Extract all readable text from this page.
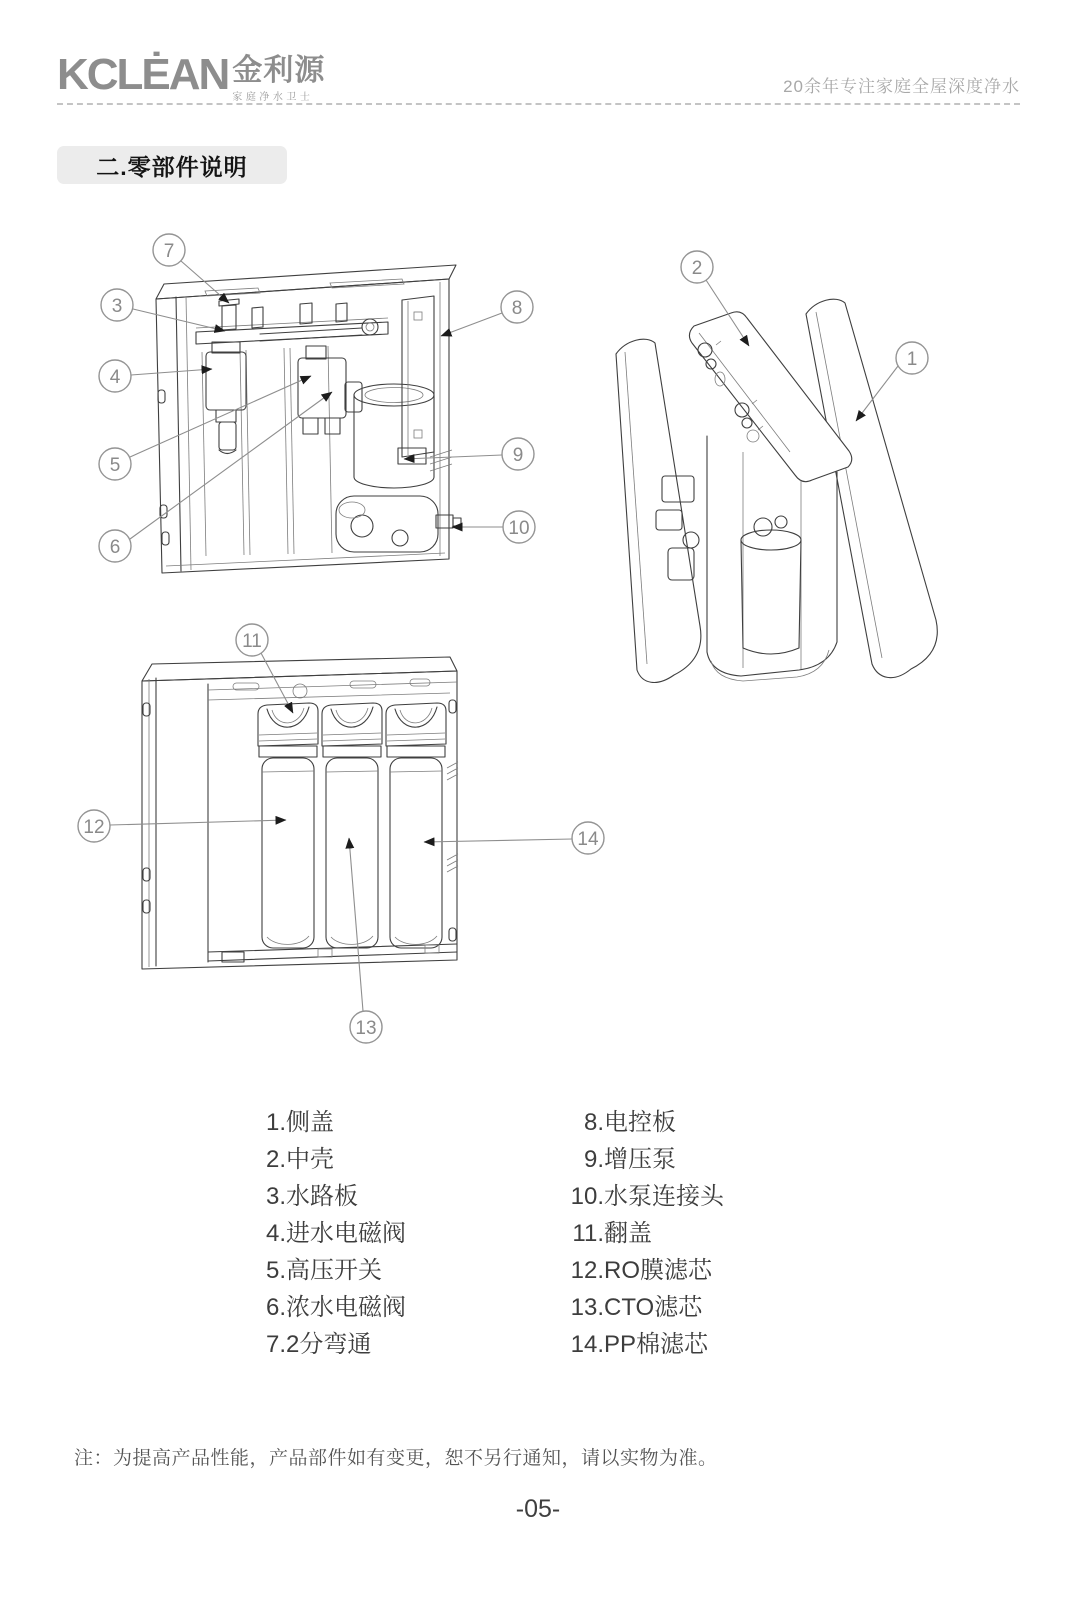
KCLĖAN 金利源
家庭净水卫士
20余年专注家庭全屋深度净水
二.零部件说明
7
3
4
5
6
8
9
10
2
1
11
12
13
14
1.侧盖
2.中壳
3.水路板
4.进水电磁阀
5.高压开关
6.浓水电磁阀
7.2分弯通
8.电控板
9.增压泵
10.水泵连接头
11.翻盖
12.RO膜滤芯
13.CTO滤芯
14.PP棉滤芯
注：为提高产品性能，产品部件如有变更，恕不另行通知，请以实物为准。
-05-
